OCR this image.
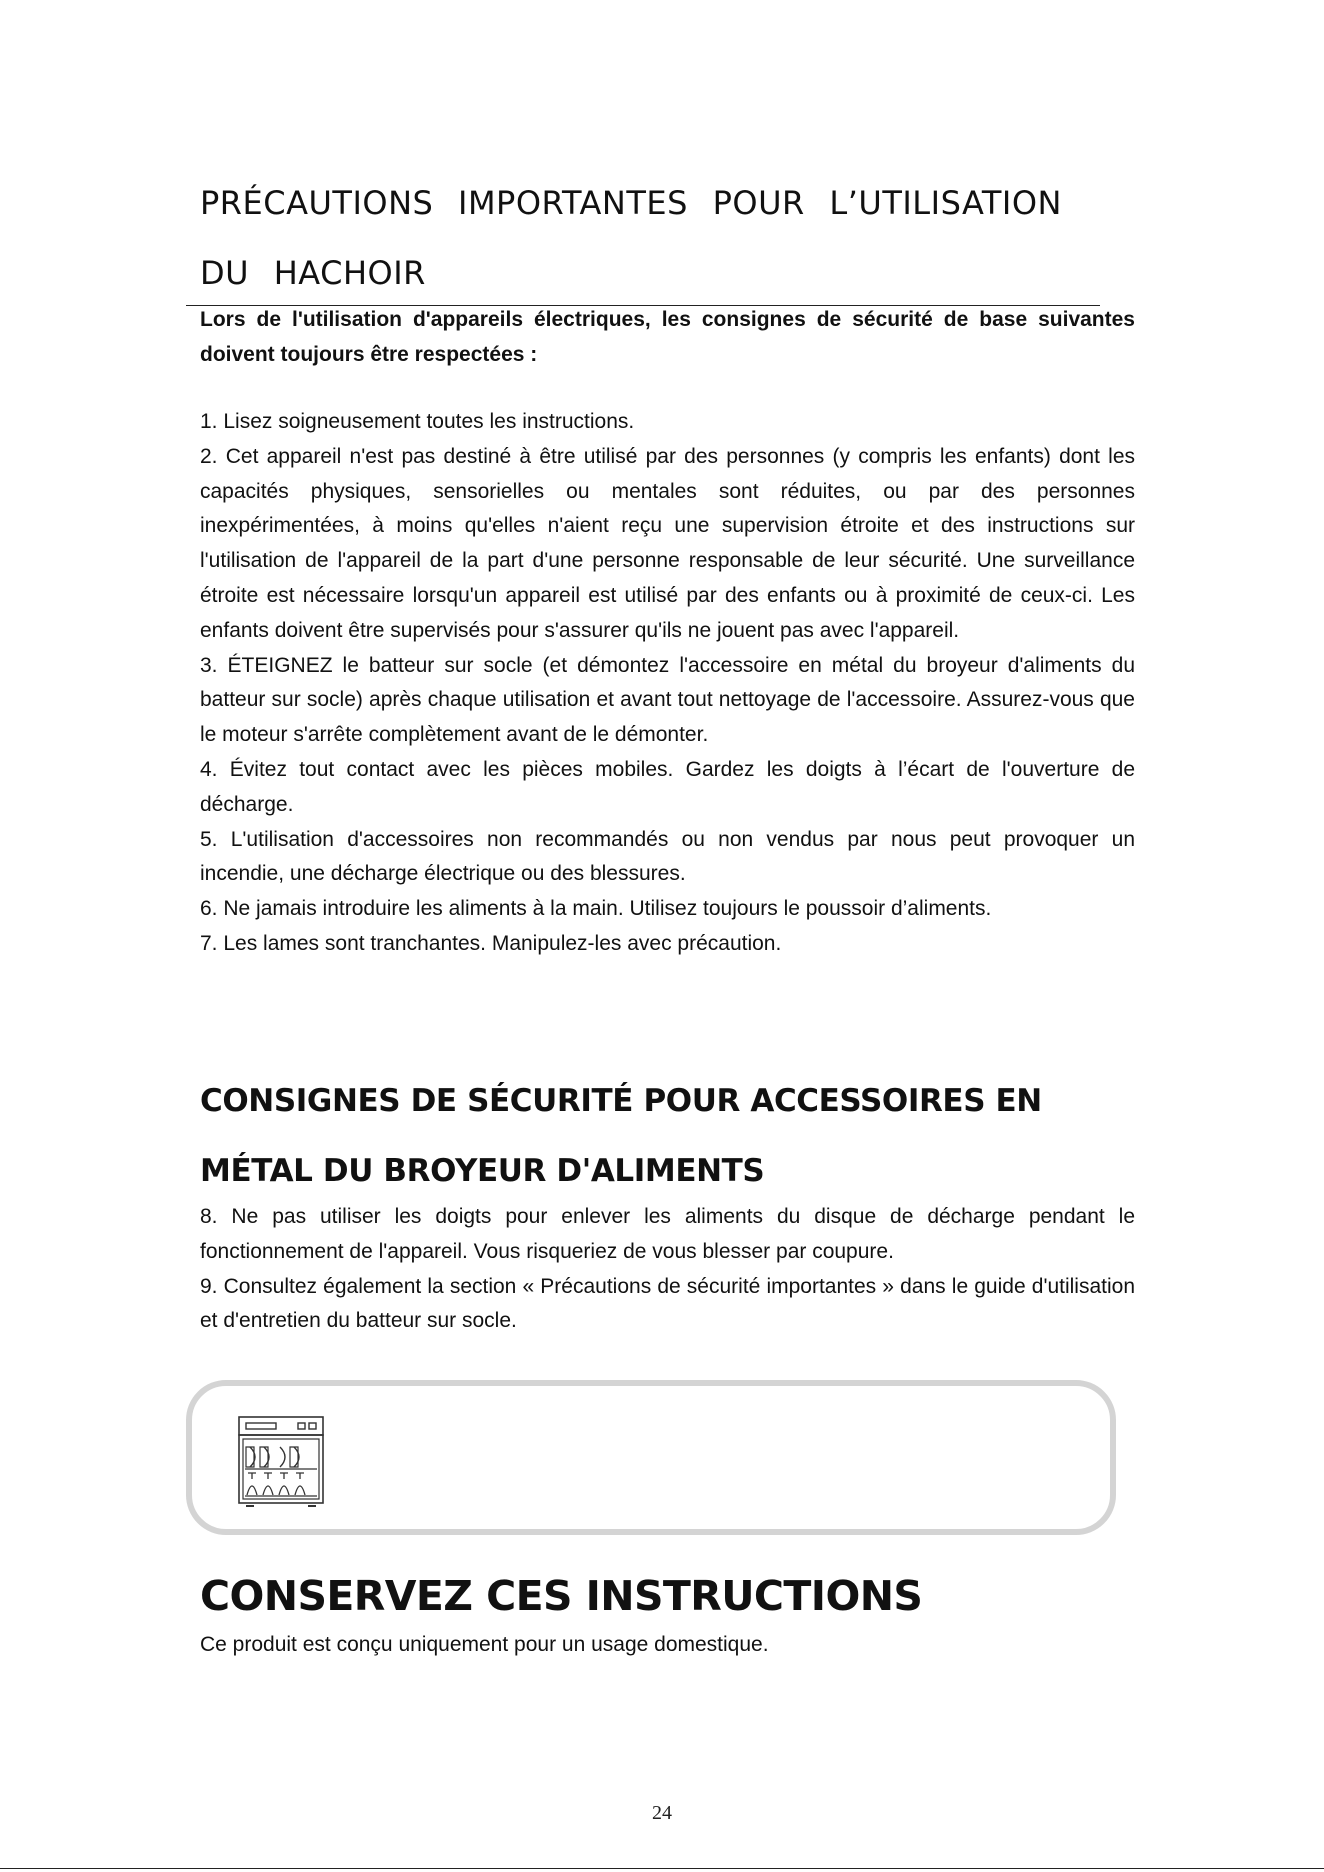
PRÉCAUTIONS IMPORTANTES POUR L’UTILISATION DU HACHOIR

Lors de l'utilisation d'appareils électriques, les consignes de sécurité de base suivantes doivent toujours être respectées :

1. Lisez soigneusement toutes les instructions.

2. Cet appareil n'est pas destiné à être utilisé par des personnes (y compris les enfants) dont les capacités physiques, sensorielles ou mentales sont réduites, ou par des personnes inexpérimentées, à moins qu'elles n'aient reçu une supervision étroite et des instructions sur l'utilisation de l'appareil de la part d'une personne responsable de leur sécurité. Une surveillance étroite est nécessaire lorsqu'un appareil est utilisé par des enfants ou à proximité de ceux-ci. Les enfants doivent être supervisés pour s'assurer qu'ils ne jouent pas avec l'appareil.

3. ÉTEIGNEZ le batteur sur socle (et démontez l'accessoire en métal du broyeur d'aliments du batteur sur socle) après chaque utilisation et avant tout nettoyage de l'accessoire. Assurez-vous que le moteur s'arrête complètement avant de le démonter.

4. Évitez tout contact avec les pièces mobiles. Gardez les doigts à l’écart de l'ouverture de décharge.

5. L'utilisation d'accessoires non recommandés ou non vendus par nous peut provoquer un incendie, une décharge électrique ou des blessures.

6. Ne jamais introduire les aliments à la main. Utilisez toujours le poussoir d’aliments.

7. Les lames sont tranchantes. Manipulez-les avec précaution.

CONSIGNES DE SÉCURITÉ POUR ACCESSOIRES EN MÉTAL DU BROYEUR D'ALIMENTS

8. Ne pas utiliser les doigts pour enlever les aliments du disque de décharge pendant le fonctionnement de l'appareil. Vous risqueriez de vous blesser par coupure.

9. Consultez également la section « Précautions de sécurité importantes » dans le guide d'utilisation et d'entretien du batteur sur socle.

CONSERVEZ CES INSTRUCTIONS

Ce produit est conçu uniquement pour un usage domestique.

24
